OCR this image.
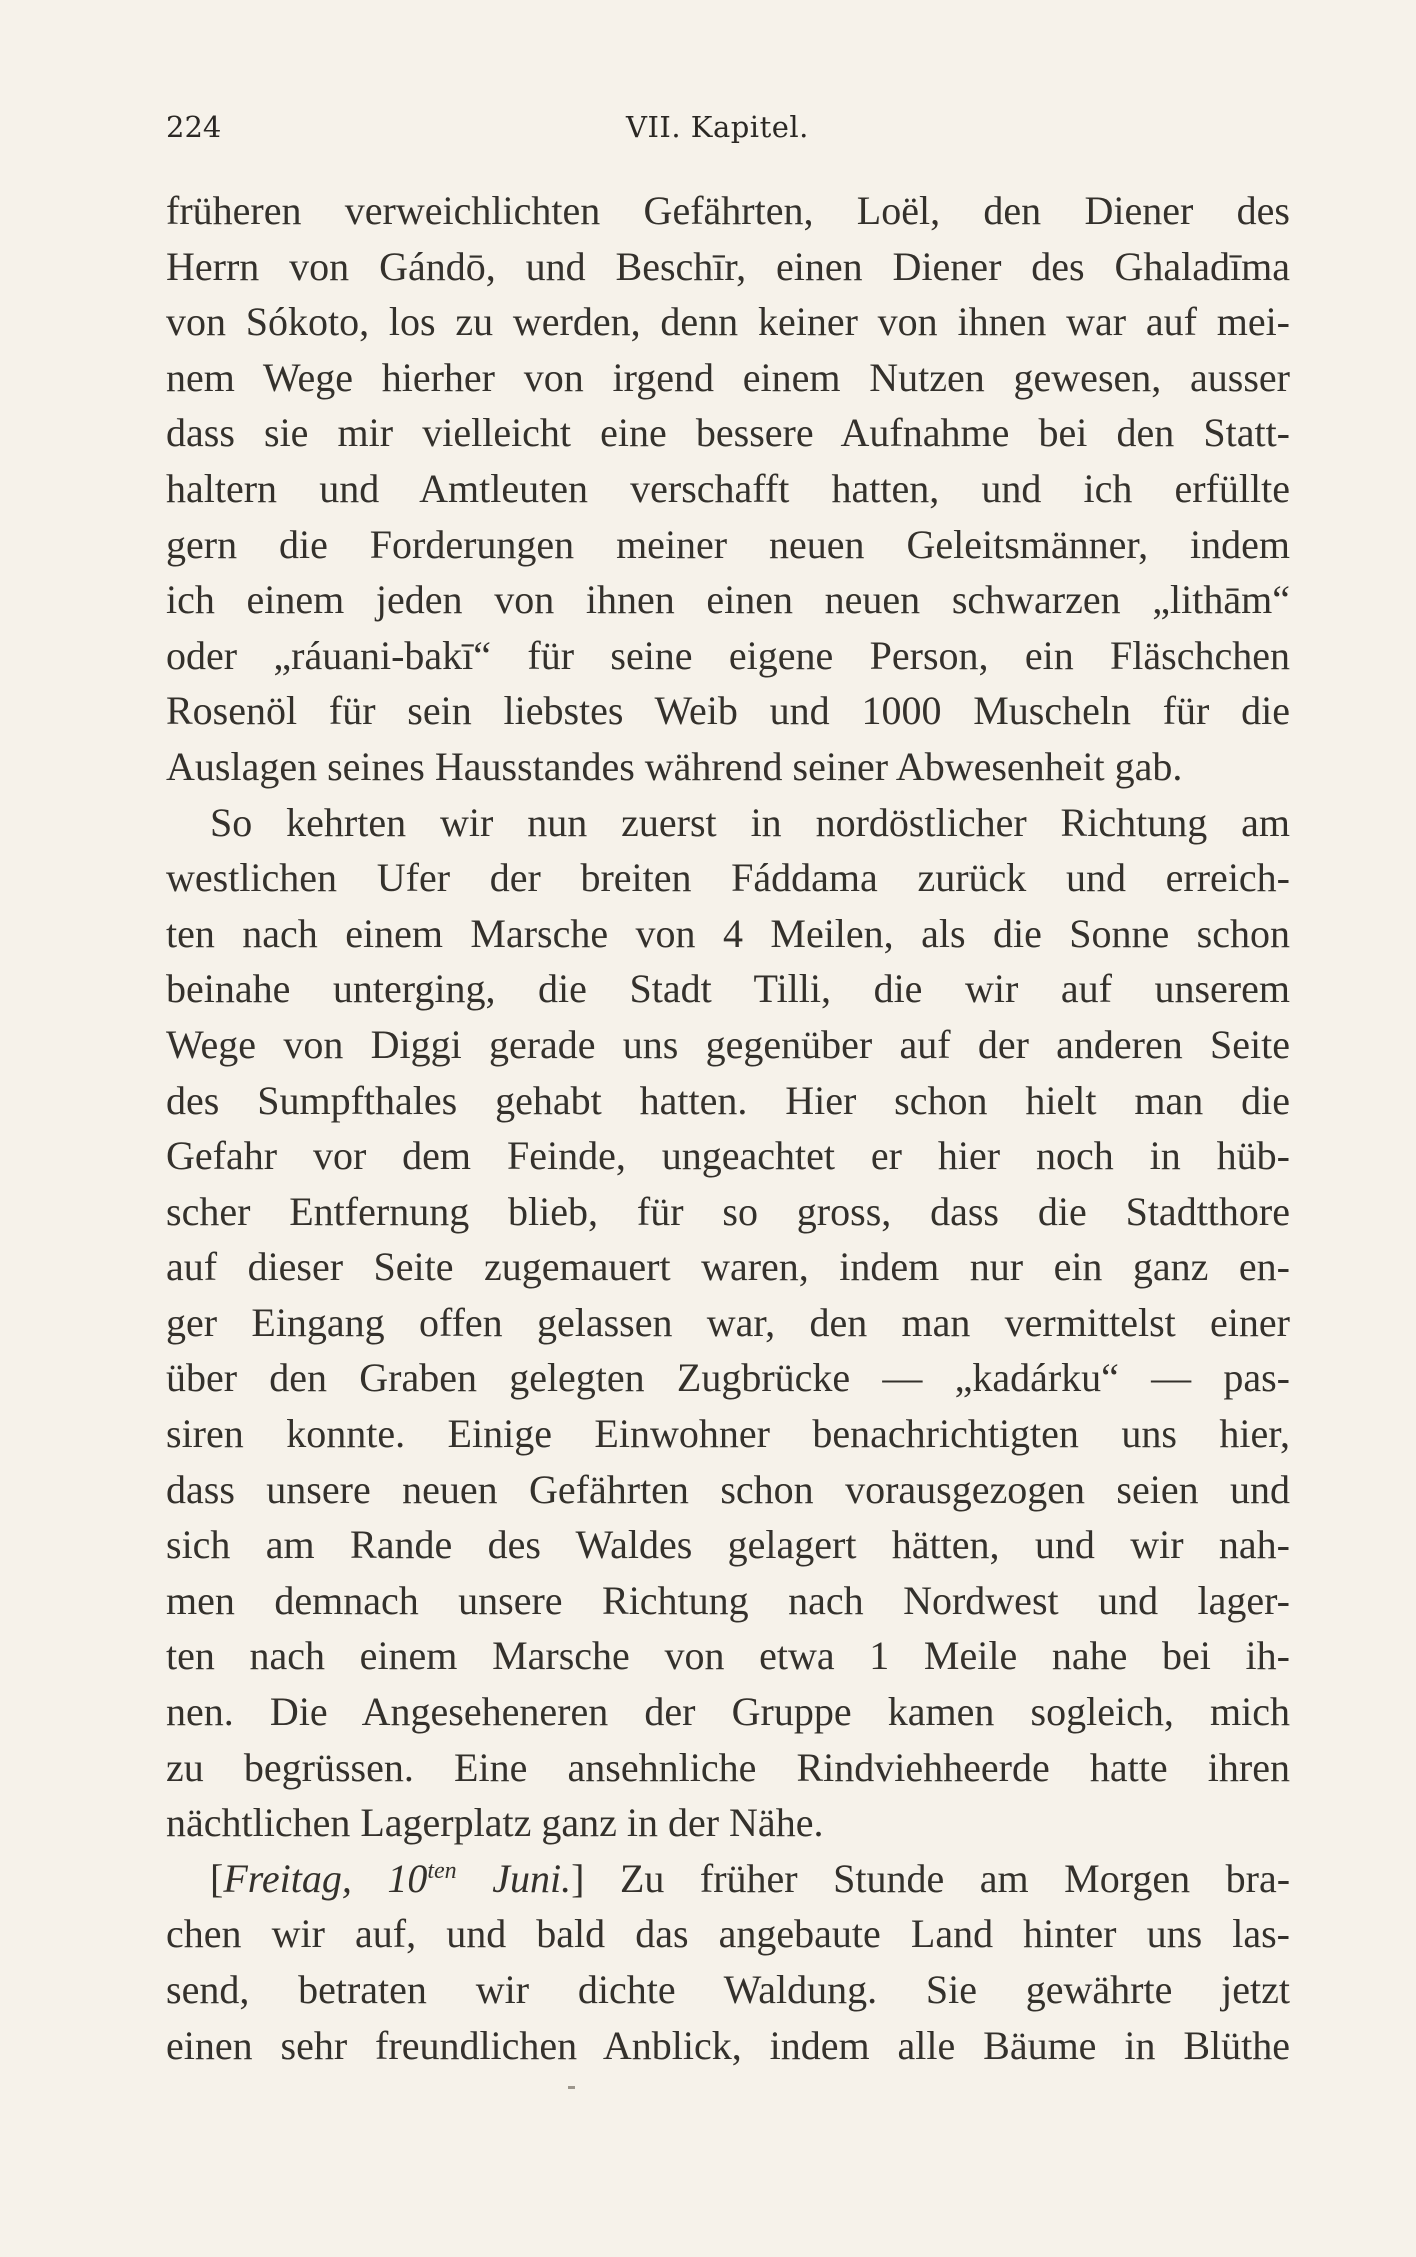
224	VII. Kapitel.
früheren verweichlichten Gefährten, Loël, den Diener des
Herrn von Gándō, und Beschīr, einen Diener des Ghaladīma
von Sókoto, los zu werden, denn keiner von ihnen war auf mei-
nem Wege hierher von irgend einem Nutzen gewesen, ausser
dass sie mir vielleicht eine bessere Aufnahme bei den Statt-
haltern und Amtleuten verschafft hatten, und ich erfüllte
gern die Forderungen meiner neuen Geleitsmänner, indem
ich einem jeden von ihnen einen neuen schwarzen „lithām“
oder „ráuani-bakī“ für seine eigene Person, ein Fläschchen
Rosenöl für sein liebstes Weib und 1000 Muscheln für die
Auslagen seines Hausstandes während seiner Abwesenheit gab.
So kehrten wir nun zuerst in nordöstlicher Richtung am
westlichen Ufer der breiten Fáddama zurück und erreich-
ten nach einem Marsche von 4 Meilen, als die Sonne schon
beinahe unterging, die Stadt Tilli, die wir auf unserem
Wege von Diggi gerade uns gegenüber auf der anderen Seite
des Sumpfthales gehabt hatten. Hier schon hielt man die
Gefahr vor dem Feinde, ungeachtet er hier noch in hüb-
scher Entfernung blieb, für so gross, dass die Stadtthore
auf dieser Seite zugemauert waren, indem nur ein ganz en-
ger Eingang offen gelassen war, den man vermittelst einer
über den Graben gelegten Zugbrücke — „kadárku“ — pas-
siren konnte. Einige Einwohner benachrichtigten uns hier,
dass unsere neuen Gefährten schon vorausgezogen seien und
sich am Rande des Waldes gelagert hätten, und wir nah-
men demnach unsere Richtung nach Nordwest und lager-
ten nach einem Marsche von etwa 1 Meile nahe bei ih-
nen. Die Angeseheneren der Gruppe kamen sogleich, mich
zu begrüssen. Eine ansehnliche Rindviehheerde hatte ihren
nächtlichen Lagerplatz ganz in der Nähe.
[Freitag, $10^{ten}$ Juni.] Zu früher Stunde am Morgen bra-
chen wir auf, und bald das angebaute Land hinter uns las-
send, betraten wir dichte Waldung. Sie gewährte jetzt
einen sehr freundlichen Anblick, indem alle Bäume in Blüthe
